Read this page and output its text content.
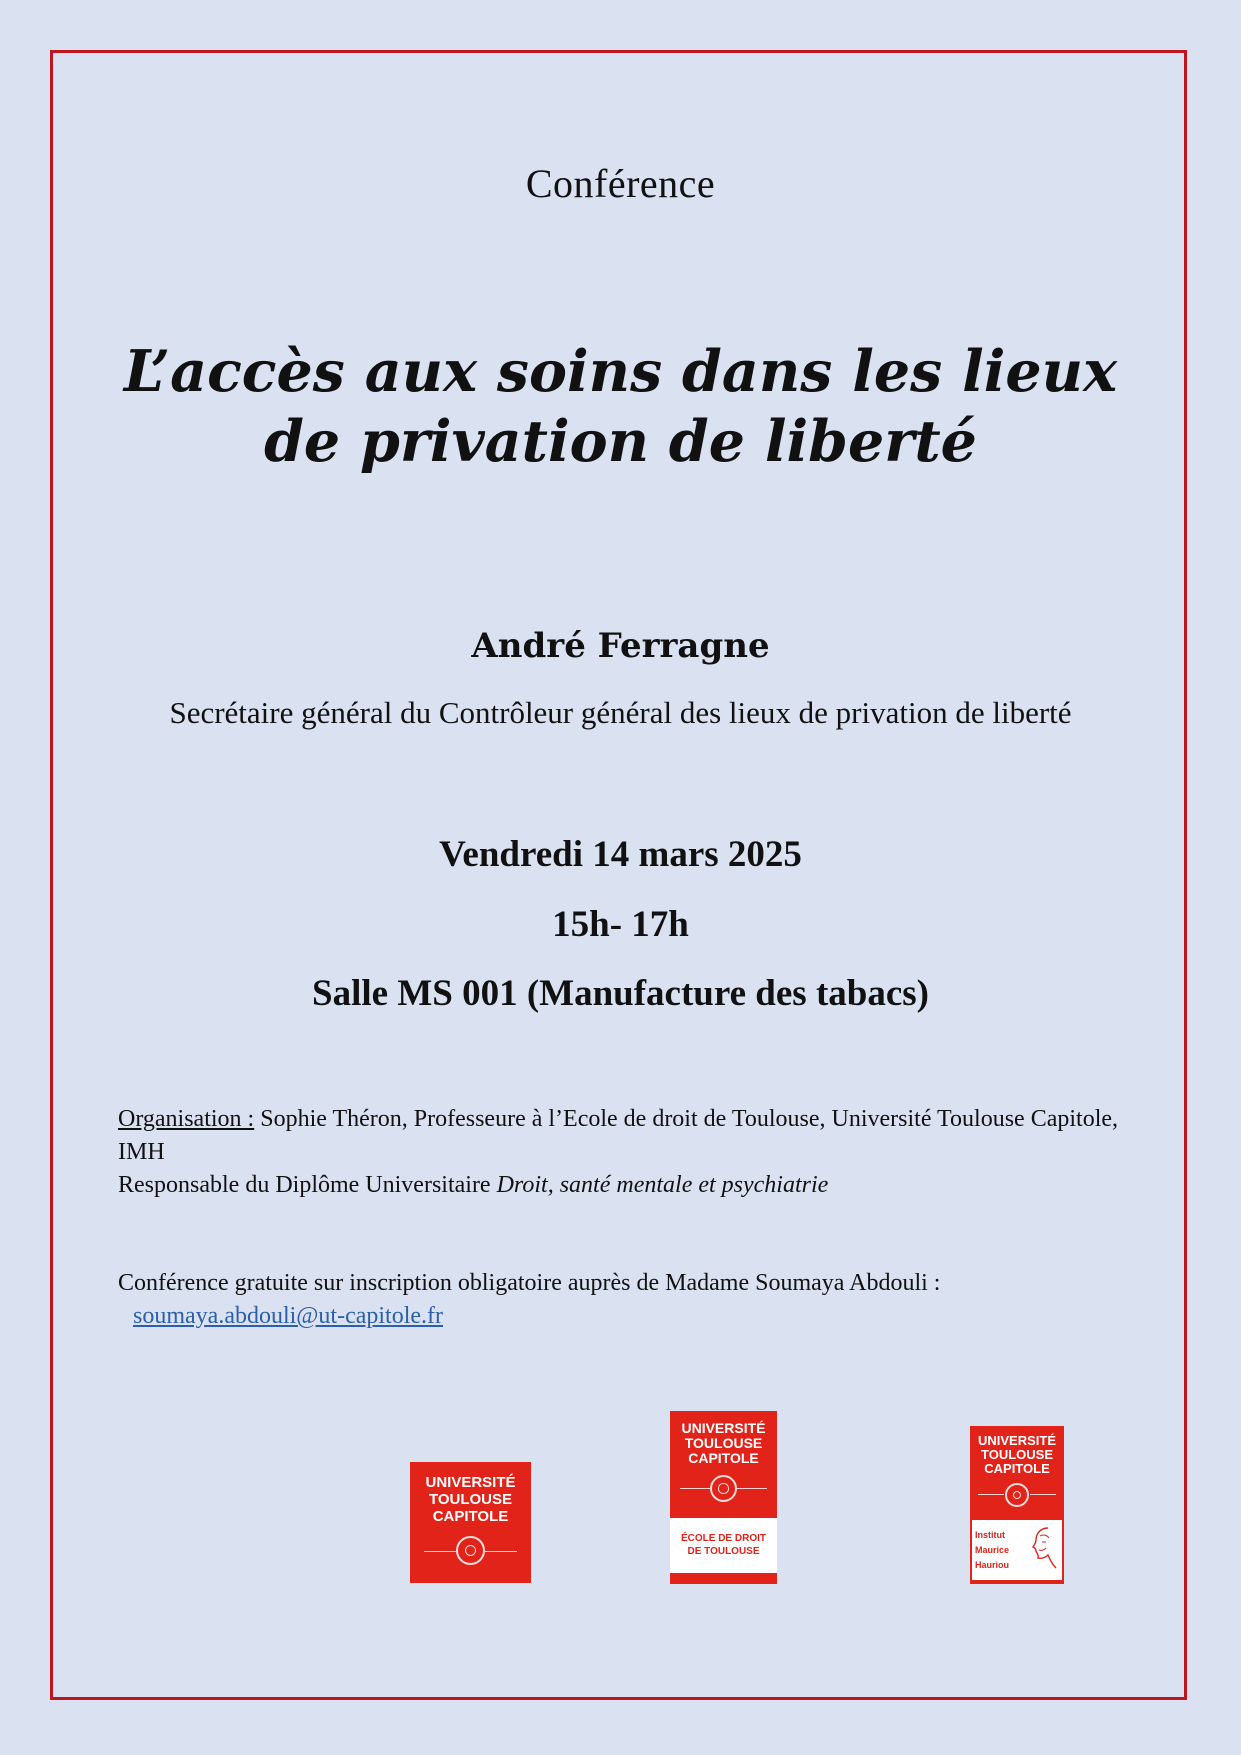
Conférence
L’accès aux soins dans les lieux
de privation de liberté
André Ferragne
Secrétaire général du Contrôleur général des lieux de privation de liberté
Vendredi 14 mars 2025
15h- 17h
Salle MS 001 (Manufacture des tabacs)
Organisation : Sophie Théron, Professeure à l’Ecole de droit de Toulouse, Université Toulouse Capitole, IMH
Responsable du Diplôme Universitaire Droit, santé mentale et psychiatrie
Conférence gratuite sur inscription obligatoire auprès de Madame Soumaya Abdouli :
soumaya.abdouli@ut-capitole.fr
UNIVERSITÉ
TOULOUSE
CAPITOLE
UNIVERSITÉ
TOULOUSE
CAPITOLE
ÉCOLE DE DROIT
DE TOULOUSE
UNIVERSITÉ
TOULOUSE
CAPITOLE
Institut
Maurice
Hauriou
